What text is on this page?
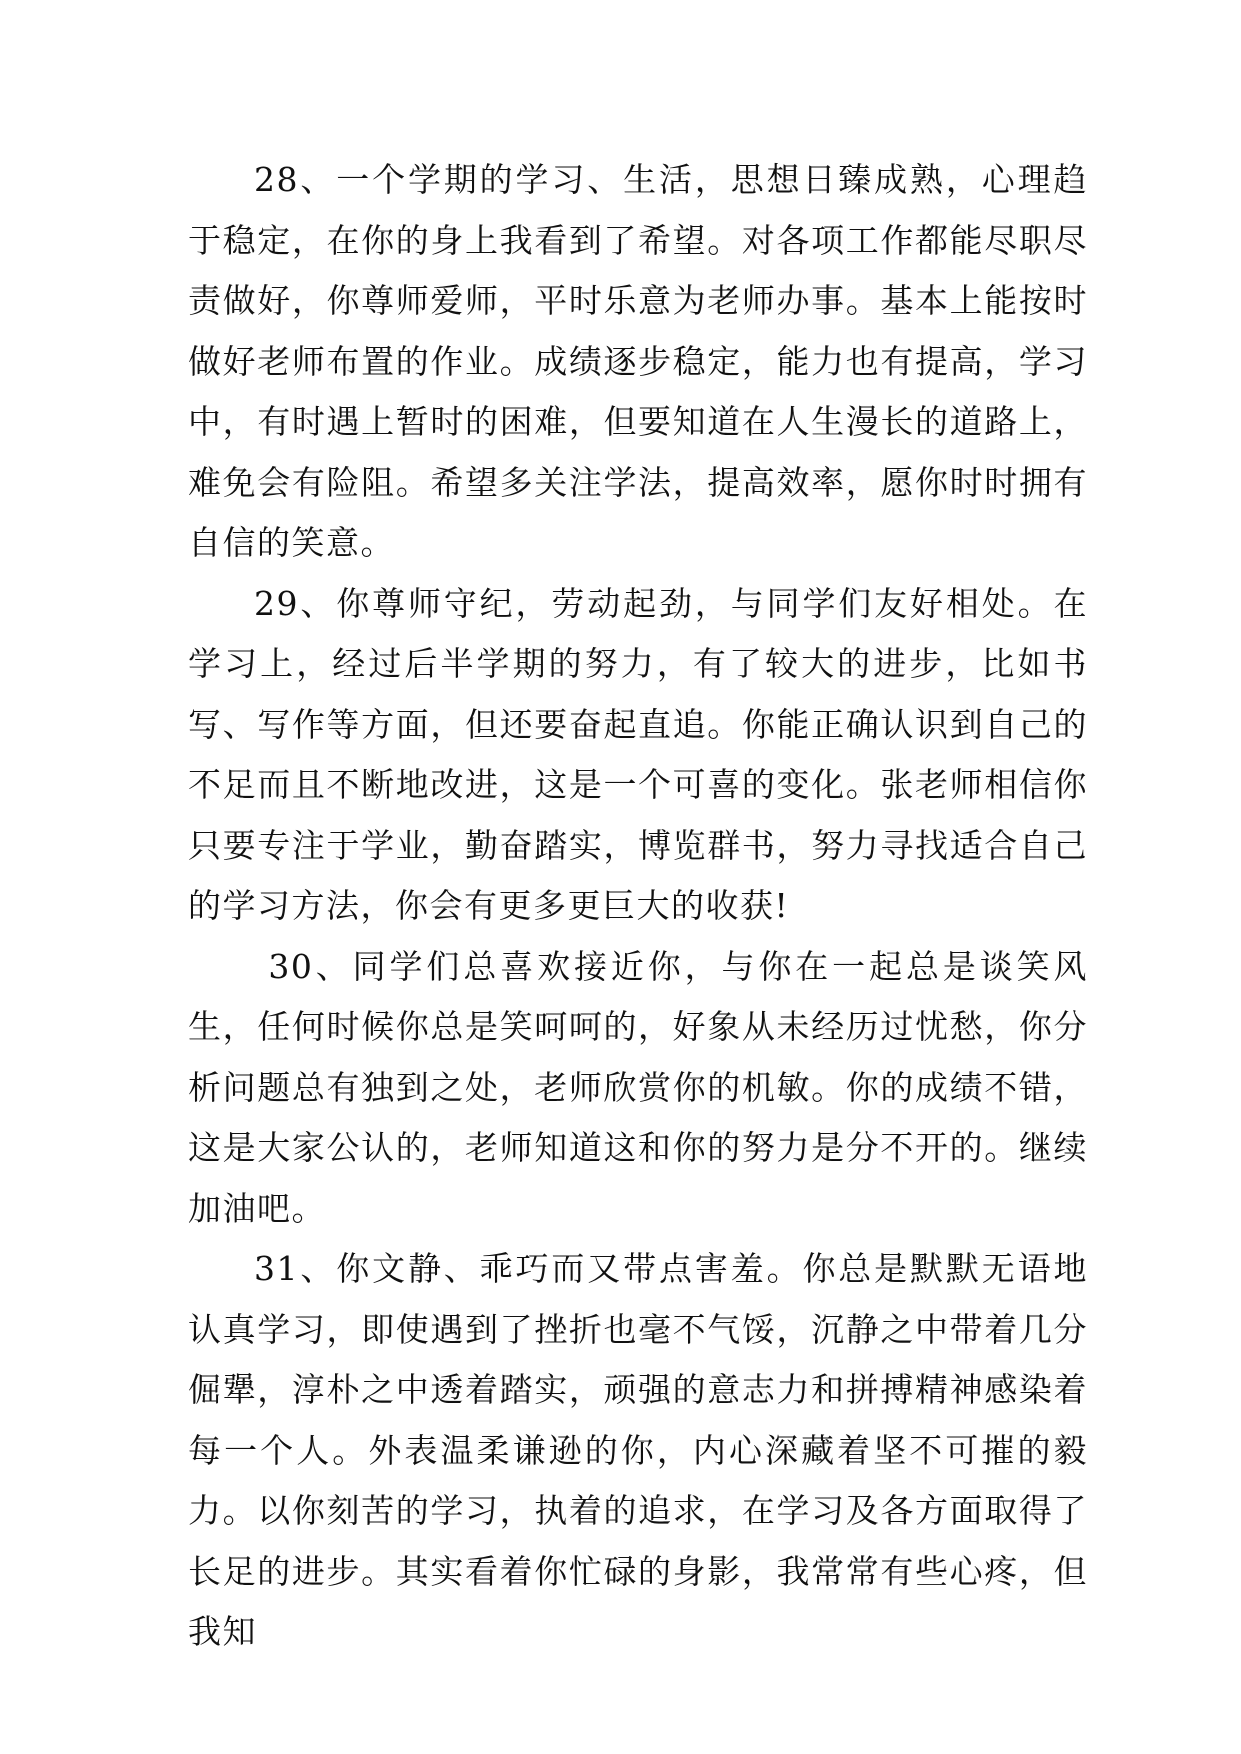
28、一个学期的学习、生活，思想日臻成熟，心理趋于稳定，在你的身上我看到了希望。对各项工作都能尽职尽责做好，你尊师爱师，平时乐意为老师办事。基本上能按时做好老师布置的作业。成绩逐步稳定，能力也有提高，学习中，有时遇上暂时的困难，但要知道在人生漫长的道路上，难免会有险阻。希望多关注学法，提高效率，愿你时时拥有自信的笑意。

29、你尊师守纪，劳动起劲，与同学们友好相处。在学习上，经过后半学期的努力，有了较大的进步，比如书写、写作等方面，但还要奋起直追。你能正确认识到自己的不足而且不断地改进，这是一个可喜的变化。张老师相信你只要专注于学业，勤奋踏实，博览群书，努力寻找适合自己的学习方法，你会有更多更巨大的收获!

30、同学们总喜欢接近你，与你在一起总是谈笑风生，任何时候你总是笑呵呵的，好象从未经历过忧愁，你分析问题总有独到之处，老师欣赏你的机敏。你的成绩不错，这是大家公认的，老师知道这和你的努力是分不开的。继续加油吧。

31、你文静、乖巧而又带点害羞。你总是默默无语地认真学习，即使遇到了挫折也毫不气馁，沉静之中带着几分倔犟，淳朴之中透着踏实，顽强的意志力和拼搏精神感染着每一个人。外表温柔谦逊的你，内心深藏着坚不可摧的毅力。以你刻苦的学习，执着的追求，在学习及各方面取得了长足的进步。其实看着你忙碌的身影，我常常有些心疼，但我知
